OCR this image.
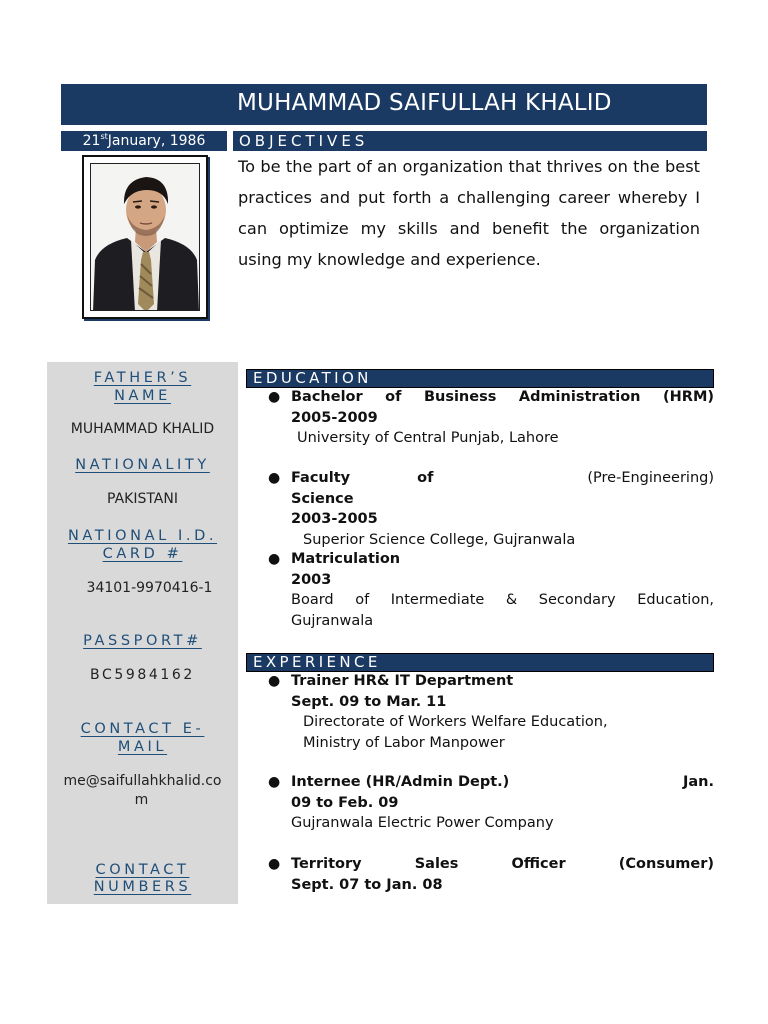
MUHAMMAD SAIFULLAH KHALID
21stJanuary, 1986	OBJECTIVES
To be the part of an organization that thrives on the best practices and put forth a challenging career whereby I can optimize my skills and benefit the organization using my knowledge and experience.
FATHER’S
NAME
MUHAMMAD KHALID
NATIONALITY
PAKISTANI
NATIONAL I.D.
CARD #
34101-9970416-1
PASSPORT#
BC5984162
CONTACT E-
MAIL
me@saifullahkhalid.co
m
CONTACT
NUMBERS
EDUCATION
● Bachelor of Business Administration (HRM)
2005-2009
University of Central Punjab, Lahore
● Faculty of Science
(Pre-Engineering)
2003-2005
Superior Science College, Gujranwala
● Matriculation
2003
Board of Intermediate & Secondary Education,
Gujranwala
EXPERIENCE
● Trainer HR& IT Department
Sept. 09 to Mar. 11
Directorate of Workers Welfare Education,
Ministry of Labor Manpower
● Internee (HR/Admin Dept.)	Jan.
09 to Feb. 09
Gujranwala Electric Power Company
● Territory Sales Officer (Consumer)
Sept. 07 to Jan. 08
